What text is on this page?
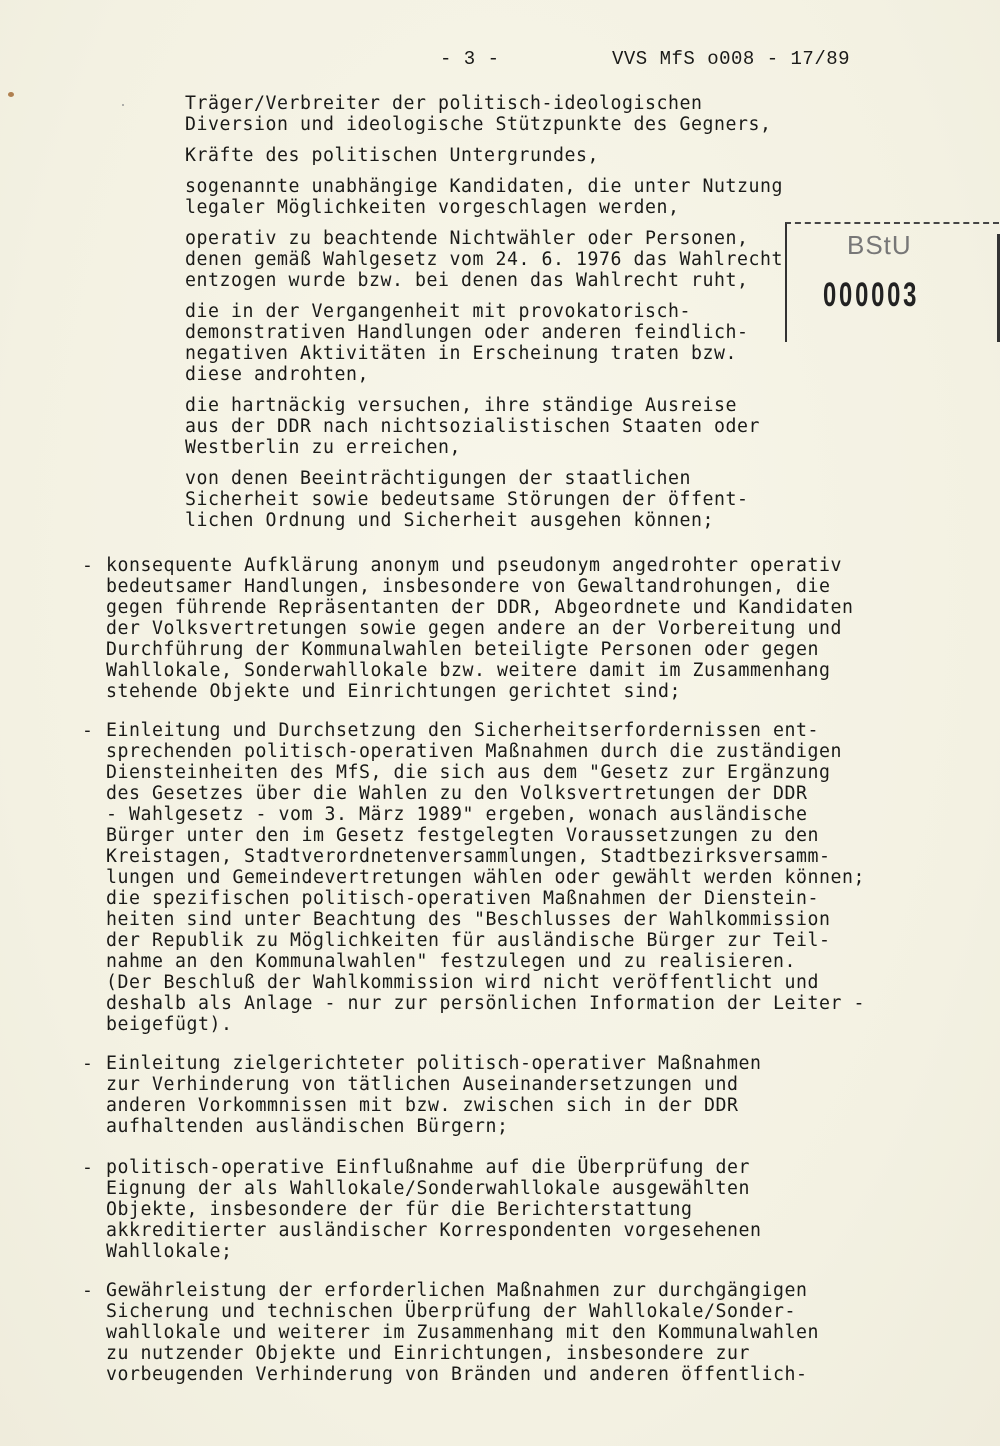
- 3 -	VVS MfS o008 - 17/89
BStU
000003
Träger/Verbreiter der politisch-ideologischen
Diversion und ideologische Stützpunkte des Gegners,
Kräfte des politischen Untergrundes,
sogenannte unabhängige Kandidaten, die unter Nutzung
legaler Möglichkeiten vorgeschlagen werden,
operativ zu beachtende Nichtwähler oder Personen,
denen gemäß Wahlgesetz vom 24. 6. 1976 das Wahlrecht
entzogen wurde bzw. bei denen das Wahlrecht ruht,
die in der Vergangenheit mit provokatorisch-
demonstrativen Handlungen oder anderen feindlich-
negativen Aktivitäten in Erscheinung traten bzw.
diese androhten,
die hartnäckig versuchen, ihre ständige Ausreise
aus der DDR nach nichtsozialistischen Staaten oder
Westberlin zu erreichen,
von denen Beeinträchtigungen der staatlichen
Sicherheit sowie bedeutsame Störungen der öffent-
lichen Ordnung und Sicherheit ausgehen können;
- konsequente Aufklärung anonym und pseudonym angedrohter operativ
bedeutsamer Handlungen, insbesondere von Gewaltandrohungen, die
gegen führende Repräsentanten der DDR, Abgeordnete und Kandidaten
der Volksvertretungen sowie gegen andere an der Vorbereitung und
Durchführung der Kommunalwahlen beteiligte Personen oder gegen
Wahllokale, Sonderwahllokale bzw. weitere damit im Zusammenhang
stehende Objekte und Einrichtungen gerichtet sind;
- Einleitung und Durchsetzung den Sicherheitserfordernissen ent-
sprechenden politisch-operativen Maßnahmen durch die zuständigen
Diensteinheiten des MfS, die sich aus dem "Gesetz zur Ergänzung
des Gesetzes über die Wahlen zu den Volksvertretungen der DDR
- Wahlgesetz - vom 3. März 1989" ergeben, wonach ausländische
Bürger unter den im Gesetz festgelegten Voraussetzungen zu den
Kreistagen, Stadtverordnetenversammlungen, Stadtbezirksversamm-
lungen und Gemeindevertretungen wählen oder gewählt werden können;
die spezifischen politisch-operativen Maßnahmen der Dienstein-
heiten sind unter Beachtung des "Beschlusses der Wahlkommission
der Republik zu Möglichkeiten für ausländische Bürger zur Teil-
nahme an den Kommunalwahlen" festzulegen und zu realisieren.
(Der Beschluß der Wahlkommission wird nicht veröffentlicht und
deshalb als Anlage - nur zur persönlichen Information der Leiter -
beigefügt).
- Einleitung zielgerichteter politisch-operativer Maßnahmen
zur Verhinderung von tätlichen Auseinandersetzungen und
anderen Vorkommnissen mit bzw. zwischen sich in der DDR
aufhaltenden ausländischen Bürgern;
- politisch-operative Einflußnahme auf die Überprüfung der
Eignung der als Wahllokale/Sonderwahllokale ausgewählten
Objekte, insbesondere der für die Berichterstattung
akkreditierter ausländischer Korrespondenten vorgesehenen
Wahllokale;
- Gewährleistung der erforderlichen Maßnahmen zur durchgängigen
Sicherung und technischen Überprüfung der Wahllokale/Sonder-
wahllokale und weiterer im Zusammenhang mit den Kommunalwahlen
zu nutzender Objekte und Einrichtungen, insbesondere zur
vorbeugenden Verhinderung von Bränden und anderen öffentlich-
